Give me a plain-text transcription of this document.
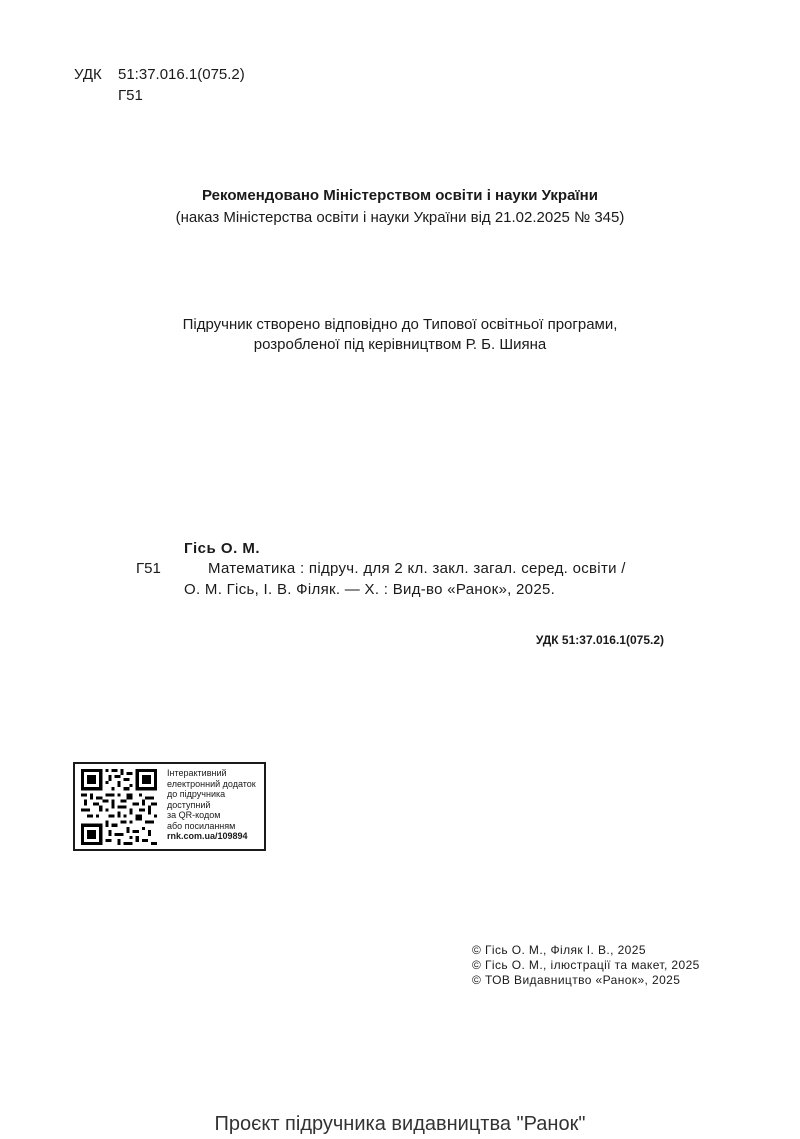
УДК 51:37.016.1(075.2)
Г51
Рекомендовано Міністерством освіти і науки України
(наказ Міністерства освіти і науки України від 21.02.2025 № 345)
Підручник створено відповідно до Типової освітньої програми,
розробленої під керівництвом Р. Б. Шияна
Гісь О. М.
Г51	Математика : підруч. для 2 кл. закл. загал. серед. освіти /
О. М. Гісь, І. В. Філяк. — Х. : Вид-во «Ранок», 2025.
УДК 51:37.016.1(075.2)
Інтерактивний
електронний додаток
до підручника
доступний
за QR-кодом
або посиланням
rnk.com.ua/109894
© Гісь О. М., Філяк І. В., 2025
© Гісь О. М., ілюстрації та макет, 2025
© ТОВ Видавництво «Ранок», 2025
Проєкт підручника видавництва "Ранок"
